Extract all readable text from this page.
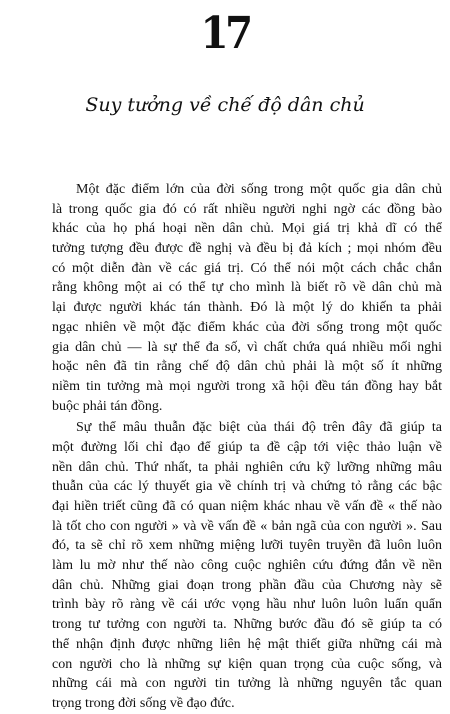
17
Suy tưởng về chế độ dân chủ

Một đặc điểm lớn của đời sống trong một quốc gia dân chủ
là trong quốc gia đó có rất nhiều người nghi ngờ các đồng bào
khác của họ phá hoại nền dân chủ. Mọi giá trị khả dĩ có thể
tưởng tượng đều được đề nghị và đều bị đả kích ; mọi nhóm đều
có một diễn đàn về các giá trị. Có thể nói một cách chắc chắn
rằng không một ai có thể tự cho mình là biết rõ về dân chủ mà
lại được người khác tán thành. Đó là một lý do khiến ta phải
ngạc nhiên về một đặc điểm khác của đời sống trong một quốc
gia dân chủ — là sự thể đa số, vì chất chứa quá nhiều mối nghi
hoặc nên đã tin rằng chế độ dân chủ phải là một số ít những
niềm tin tưởng mà mọi người trong xã hội đều tán đồng hay bắt
buộc phải tán đồng.

Sự thể mâu thuẫn đặc biệt của thái độ trên đây đã giúp ta
một đường lối chỉ đạo để giúp ta đề cập tới việc thảo luận về
nền dân chủ. Thứ nhất, ta phải nghiên cứu kỹ lưỡng những mâu
thuẫn của các lý thuyết gia về chính trị và chứng tỏ rằng các bậc
đại hiền triết cũng đã có quan niệm khác nhau về vấn đề « thế nào
là tốt cho con người » và về vấn đề « bản ngã của con người ». Sau
đó, ta sẽ chỉ rõ xem những miệng lưỡi tuyên truyền đã luôn luôn
làm lu mờ như thế nào công cuộc nghiên cứu đứng đắn về nền
dân chủ. Những giai đoạn trong phần đầu của Chương này sẽ
trình bày rõ ràng về cái ước vọng hầu như luôn luôn luẩn quẩn
trong tư tưởng con người ta. Những bước đầu đó sẽ giúp ta có
thể nhận định được những liên hệ mật thiết giữa những cái mà
con người cho là những sự kiện quan trọng của cuộc sống, và
những cái mà con người tin tưởng là những nguyên tắc quan
trọng trong đời sống về đạo đức.
